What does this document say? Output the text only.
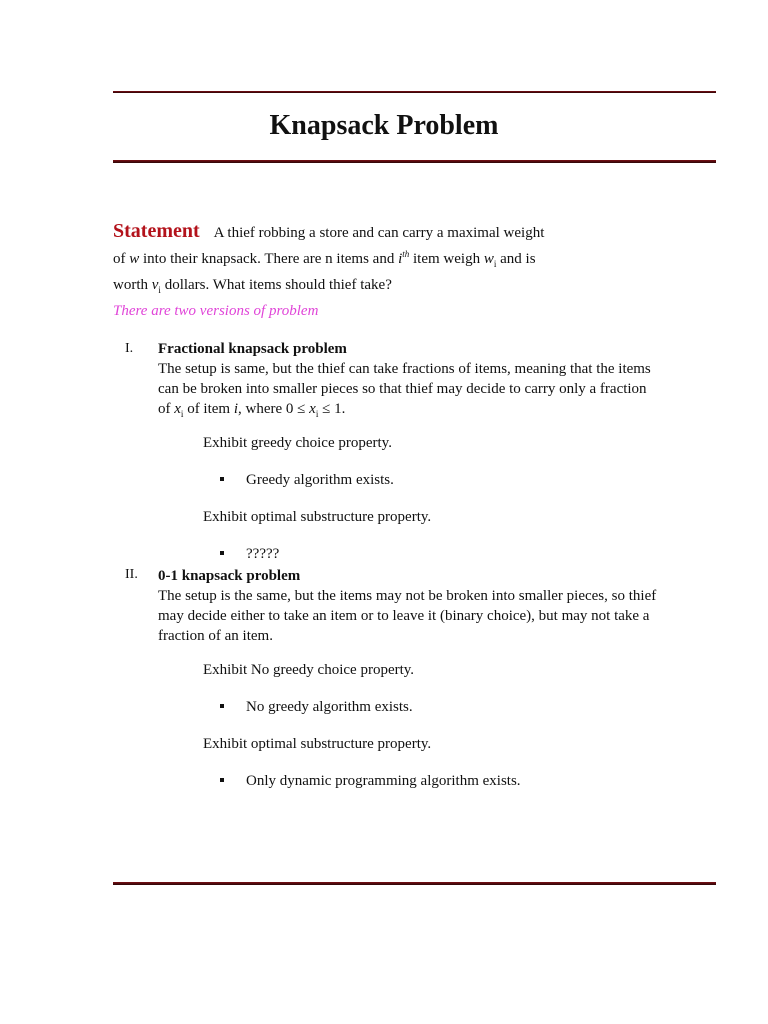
Knapsack Problem
Statement A thief robbing a store and can carry a maximal weight
of w into their knapsack. There are n items and $i^{th}$ item weigh $w_i$ and is
worth $v_i$ dollars. What items should thief take?
There are two versions of problem
I. Fractional knapsack problem
The setup is same, but the thief can take fractions of items, meaning that the items can be broken into smaller pieces so that thief may decide to carry only a fraction of $x_i$ of item i, where $0 \le x_i \le 1$.
Exhibit greedy choice property.
Greedy algorithm exists.
Exhibit optimal substructure property.
?????
II. 0-1 knapsack problem
The setup is the same, but the items may not be broken into smaller pieces, so thief may decide either to take an item or to leave it (binary choice), but may not take a fraction of an item.
Exhibit No greedy choice property.
No greedy algorithm exists.
Exhibit optimal substructure property.
Only dynamic programming algorithm exists.
